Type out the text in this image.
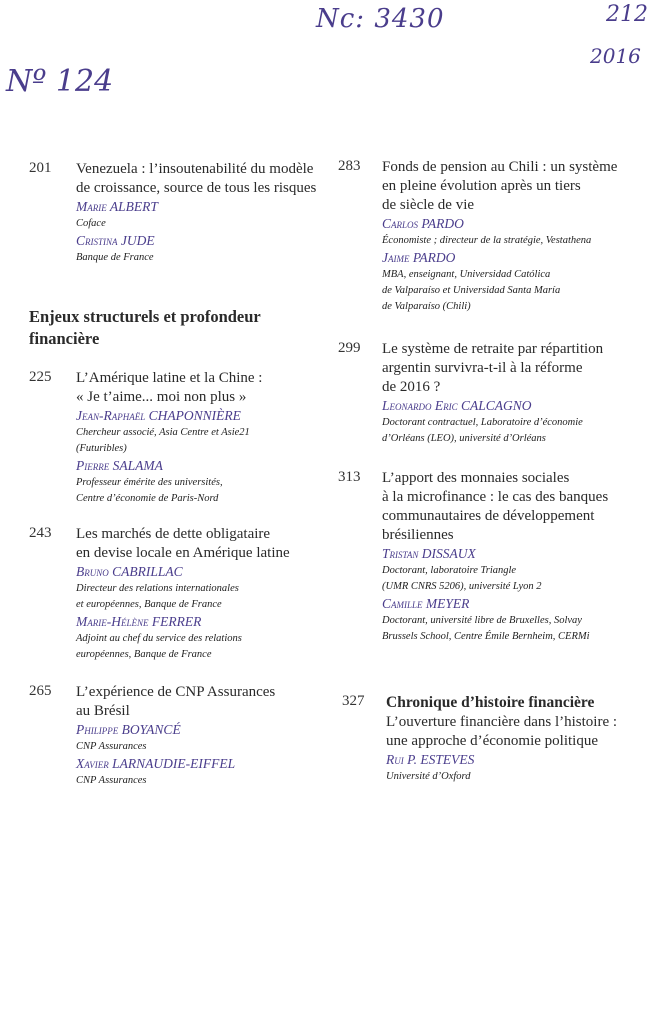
Nc: 3430	212
2016
Nº 124
201 Venezuela : l’insoutenabilité du modèle
de croissance, source de tous les risques
Marie ALBERT
Coface
Cristina JUDE
Banque de France
Enjeux structurels et profondeur
financière
225 L’Amérique latine et la Chine :
« Je t’aime... moi non plus »
Jean-Raphaël CHAPONNIÈRE
Chercheur associé, Asia Centre et Asie21
(Futuribles)
Pierre SALAMA
Professeur émérite des universités,
Centre d’économie de Paris-Nord
243 Les marchés de dette obligataire
en devise locale en Amérique latine
Bruno CABRILLAC
Directeur des relations internationales
et européennes, Banque de France
Marie-Hélène FERRER
Adjoint au chef du service des relations
européennes, Banque de France
265 L’expérience de CNP Assurances
au Brésil
Philippe BOYANCÉ
CNP Assurances
Xavier LARNAUDIE-EIFFEL
CNP Assurances
283 Fonds de pension au Chili : un système
en pleine évolution après un tiers
de siècle de vie
Carlos PARDO
Économiste ; directeur de la stratégie, Vestathena
Jaime PARDO
MBA, enseignant, Universidad Católica
de Valparaíso et Universidad Santa María
de Valparaíso (Chili)
299 Le système de retraite par répartition
argentin survivra-t-il à la réforme
de 2016 ?
Leonardo Eric CALCAGNO
Doctorant contractuel, Laboratoire d’économie
d’Orléans (LEO), université d’Orléans
313 L’apport des monnaies sociales
à la microfinance : le cas des banques
communautaires de développement
brésiliennes
Tristan DISSAUX
Doctorant, laboratoire Triangle
(UMR CNRS 5206), université Lyon 2
Camille MEYER
Doctorant, université libre de Bruxelles, Solvay
Brussels School, Centre Émile Bernheim, CERMi
327 Chronique d’histoire financière
L’ouverture financière dans l’histoire :
une approche d’économie politique
Rui P. ESTEVES
Université d’Oxford
